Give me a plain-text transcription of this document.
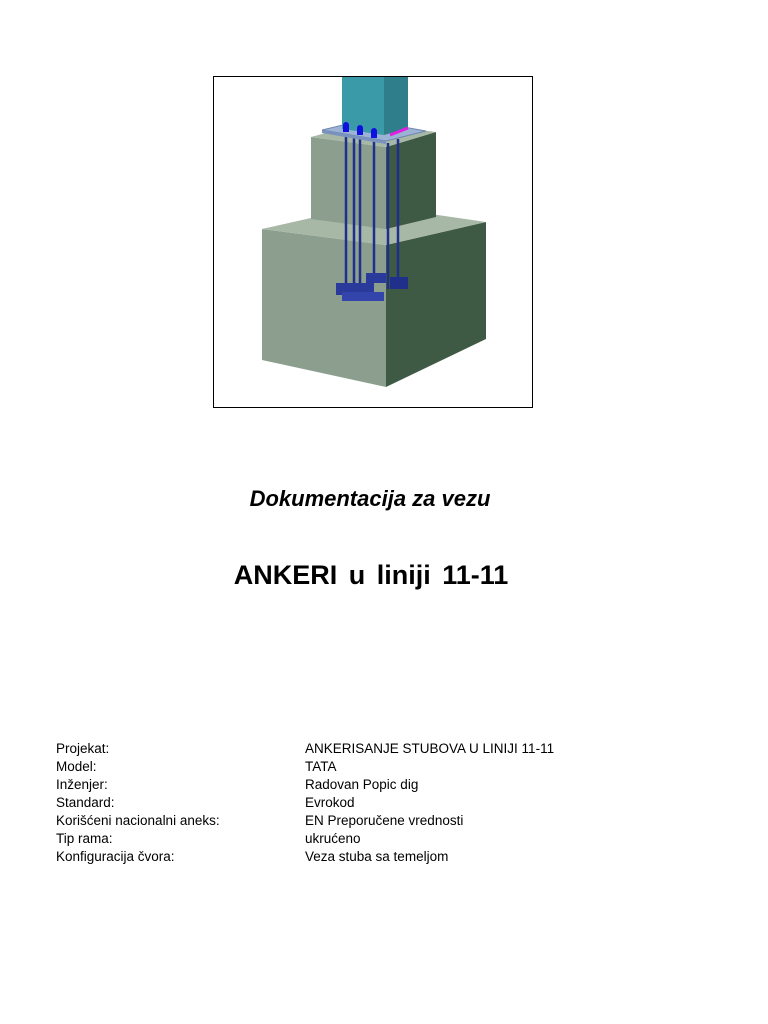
Dokumentacija za vezu
ANKERI u liniji 11-11
Projekat:	ANKERISANJE STUBOVA U LINIJI 11-11
Model:	TATA
Inženjer:	Radovan Popic dig
Standard:	Evrokod
Korišćeni nacionalni aneks:	EN Preporučene vrednosti
Tip rama:	ukrućeno
Konfiguracija čvora:	Veza stuba sa temeljom
